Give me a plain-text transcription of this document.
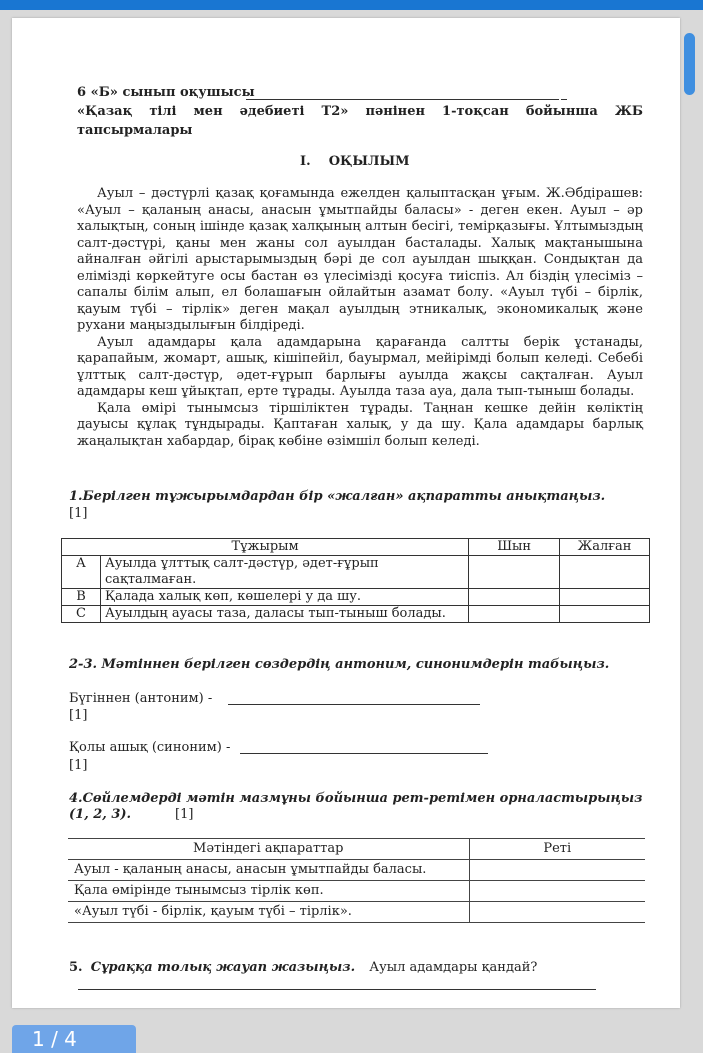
6 «Б» сынып оқушысы
«Қазақ тілі мен әдебиеті Т2» пәнінен 1-тоқсан бойынша ЖБ
тапсырмалары
I.    ОҚЫЛЫМ

Ауыл – дәстүрлі қазақ қоғамында ежелден қалыптасқан ұғым. Ж.Әбдірашев: «Ауыл – қаланың анасы, анасын ұмытпайды баласы» - деген екен. Ауыл – әр халықтың, соның ішінде қазақ халқының алтын бесігі, темірқазығы. Ұлтымыздың салт-дәстүрі, қаны мен жаны сол ауылдан басталады. Халық мақтанышына айналған әйгілі арыстарымыздың бәрі де сол ауылдан шыққан. Сондықтан да елімізді көркейтуге осы бастан өз үлесімізді қосуға тиіспіз. Ал біздің үлесіміз – сапалы білім алып, ел болашағын ойлайтын азамат болу. «Ауыл түбі – бірлік, қауым түбі – тірлік» деген мақал ауылдың этникалық, экономикалық және рухани маңыздылығын білдіреді.

Ауыл адамдары қала адамдарына қарағанда салтты берік ұстанады, қарапайым, жомарт, ашық, кішіпейіл, бауырмал, мейірімді болып келеді. Себебі ұлттық салт-дәстүр, әдет-ғұрып барлығы ауылда жақсы сақталған. Ауыл адамдары кеш ұйықтап, ерте тұрады. Ауылда таза ауа, дала тып-тыныш болады.

Қала өмірі тынымсыз тіршіліктен тұрады. Таңнан кешке дейін көліктің дауысы құлақ тұндырады. Қаптаған халық, у да шу. Қала адамдары барлық жаңалықтан хабардар, бірақ көбіне өзімшіл болып келеді.

1.Берілген тұжырымдардан бір «жалған» ақпаратты анықтаңыз.
[1]
Тұжырым		Шын	Жалған
A	Ауылда ұлттық салт-дәстүр, әдет-ғұрып сақталмаған.		
B	Қалада халық көп, көшелері у да шу.		
C	Ауылдың ауасы таза, даласы тып-тыныш болады.		
2-3. Мәтіннен берілген сөздердің антоним, синонимдерін табыңыз.
Бүгіннен (антоним) -
[1]
Қолы ашық (синоним) -
[1]
4.Сөйлемдерді мәтін мазмұны бойынша рет-ретімен орналастырыңыз
(1, 2, 3).	[1]
Мәтіндегі ақпараттар	Реті
Ауыл - қаланың анасы, анасын ұмытпайды баласы.	
Қала өмірінде тынымсыз тірлік көп.	
«Ауыл түбі - бірлік, қауым түбі – тірлік».	
5. Сұраққа толық жауап жазыңыз. Ауыл адамдары қандай?
1 / 4
